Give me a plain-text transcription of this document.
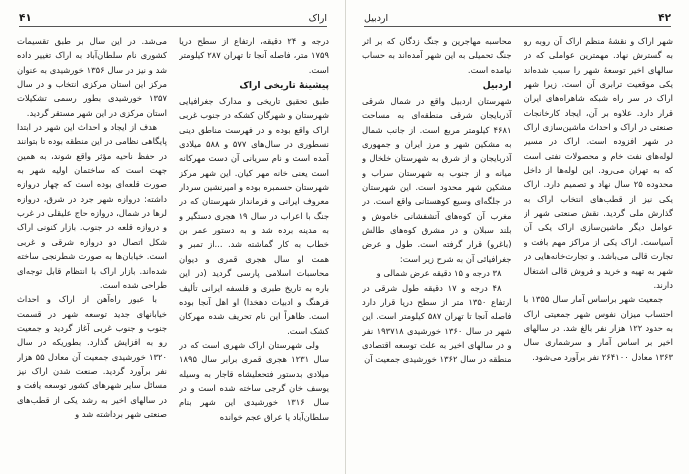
اردبیل	۴۲

شهر اراک و نقشهٔ منظم اراک آن روبه رو به گسترش نهاد. مهمترین عواملی که در سالهای اخیر توسعهٔ شهر را سبب شده‌اند یکی موقعیت ترابری آن است. زیرا شهر اراک در سر راه شبکه شاهراه‌های ایران قرار دارد. علاوه بر آن، ایجاد کارخانجات صنعتی در اراک و احداث ماشین‌سازی اراک در شهر افزوده است. اراک در مسیر لوله‌های نفت خام و محصولات نفتی است که به تهران می‌رود. این لوله‌ها از داخل محدوده ۲۵ سال نهاد و تصمیم دارد. اراک یکی نیز از قطب‌های انتخاب اراک به گذارش ملی گردید. نقش صنعتی شهر از عوامل دیگر ماشین‌سازی اراک یکی آن آسیاست. اراک یکی از مراکز مهم بافت و تجارت قالی می‌باشد. و تجارت‌خانه‌هایی در شهر به تهیه و خرید و فروش قالی اشتغال دارند.

جمعیت شهر براساس آمار سال ۱۳۵۵ با احتساب میزان نفوس شهر جمعیتی اراک به حدود ۱۲۲ هزار نفر بالغ شد. در سالهای اخیر بر اساس آمار و سرشماری سال ۱۳۶۳ معادل ۲۶۴۱۰۰ نفر برآورد می‌شود.

محاسبه مهاجرین و جنگ زدگان که بر اثر جنگ تحمیلی به این شهر آمده‌اند به حساب نیامده است.

اردبیل

شهرستان اردبیل واقع در شمال شرقی آذربایجان شرقی منطقه‌ای به مساحت ۴۶۸۱ کیلومتر مربع است. از جانب شمال به مشکین شهر و مرز ایران و جمهوری آذربایجان و از شرق به شهرستان خلخال و میانه و از جنوب به شهرستان سراب و مشکین شهر محدود است. این شهرستان در جلگه‌ای وسیع کوهستانی واقع است. در مغرب آن کوه‌های آتشفشانی خاموش و بلند سبلان و در مشرق کوه‌های طالش (باغرو) قرار گرفته است. طول و عرض جغرافیائی آن به شرح زیر است:

۳۸ درجه و ۱۵ دقیقه عرض شمالی و

۴۸ درجه و ۱۷ دقیقه طول شرقی در ارتفاع ۱۳۵۰ متر از سطح دریا قرار دارد فاصله آنجا تا تهران ۵۸۷ کیلومتر است. این شهر در سال ۱۳۶۰ خورشیدی ۱۹۳۷۱۸ نفر و در سالهای اخیر به علت توسعه اقتصادی منطقه در سال ۱۳۶۲ خورشیدی جمعیت آن

۴۱	اراک

درجه و ۲۴ دقیقه، ارتفاع از سطح دریا ۱۷۵۹ متر، فاصله آنجا تا تهران ۲۸۷ کیلومتر است.

پیشینهٔ تاریخی اراک

طبق تحقیق تاریخی و مدارک جغرافیایی شهرستان و شهرگان کشکه در جنوب غربی اراک واقع بوده و در فهرست مناطق دینی نسطوری در سال‌های ۵۷۷ و ۵۸۸ میلادی آمده است و نام سریانی آن دست مهرکانه است یعنی خانه مهر کیان. این شهر مرکز شهرستان حسمبره بوده و امیرنشین سردار معروف ایرانی و فرمانداز شهرستان که در جنگ با اعراب در سال ۱۹ هجری دستگیر و به مدینه برده شد و به دستور عمر بن خطاب به کار گماشته شد. ...از تمبر و همت او سال هجری قمری و دیوان محاسبات اسلامی پارسی گردید (در این باره به تاریخ طبری و فلسفه ایرانی تألیف فرهنگ و ادبیات دهخدا) او اهل آنجا بوده است. ظاهراً این نام تحریف شده مهرکان کشک است.

ولی شهرستان اراک شهری است که در سال ۱۲۳۱ هجری قمری برابر سال ۱۸۹۵ میلادی بدستور فتحعلیشاه قاجار به وسیله یوسف خان گرجی ساخته شده است و در سال ۱۳۱۶ خورشیدی این شهر بنام سلطان‌آباد یا عراق عجم خوانده

می‌شد. در این سال بر طبق تقسیمات کشوری نام سلطان‌آباد به اراک تغییر داده شد و نیز در سال ۱۳۵۶ خورشیدی به عنوان مرکز این استان مرکزی انتخاب و در سال ۱۳۵۷ خورشیدی بطور رسمی تشکیلات استان مرکزی در این شهر مستقر گردید.

هدف از ایجاد و احداث این شهر در ابتدا پایگاهی نظامی در این منطقه بوده تا بتوانند در حفظ ناحیه مؤثر واقع شوند، به همین جهت است که ساختمان اولیه شهر به صورت قلعه‌ای بوده است که چهار دروازه داشته: دروازه شهر جرد در شرق، دروازه لرها در شمال، دروازه حاج علیقلی در غرب و دروازه قلعه در جنوب. بازار کنونی اراک شکل اتصال دو دروازه شرقی و غربی است. خیابان‌ها به صورت شطرنجی ساخته شده‌اند. بازار اراک با انتظام قابل توجه‌ای طراحی شده است.

با عبور راه‌آهن از اراک و احداث خیابانهای جدید توسعه شهر در قسمت جنوب و جنوب غربی آغاز گردید و جمعیت رو به افزایش گذارد. بطوریکه در سال ۱۳۲۰ خورشیدی جمعیت آن معادل ۵۵ هزار نفر برآورد گردید. صنعت شدن اراک نیز مسائل سایر شهرهای کشور توسعه یافت و در سالهای اخیر به رشد یکی از قطب‌های صنعتی شهر برداشته شد و
